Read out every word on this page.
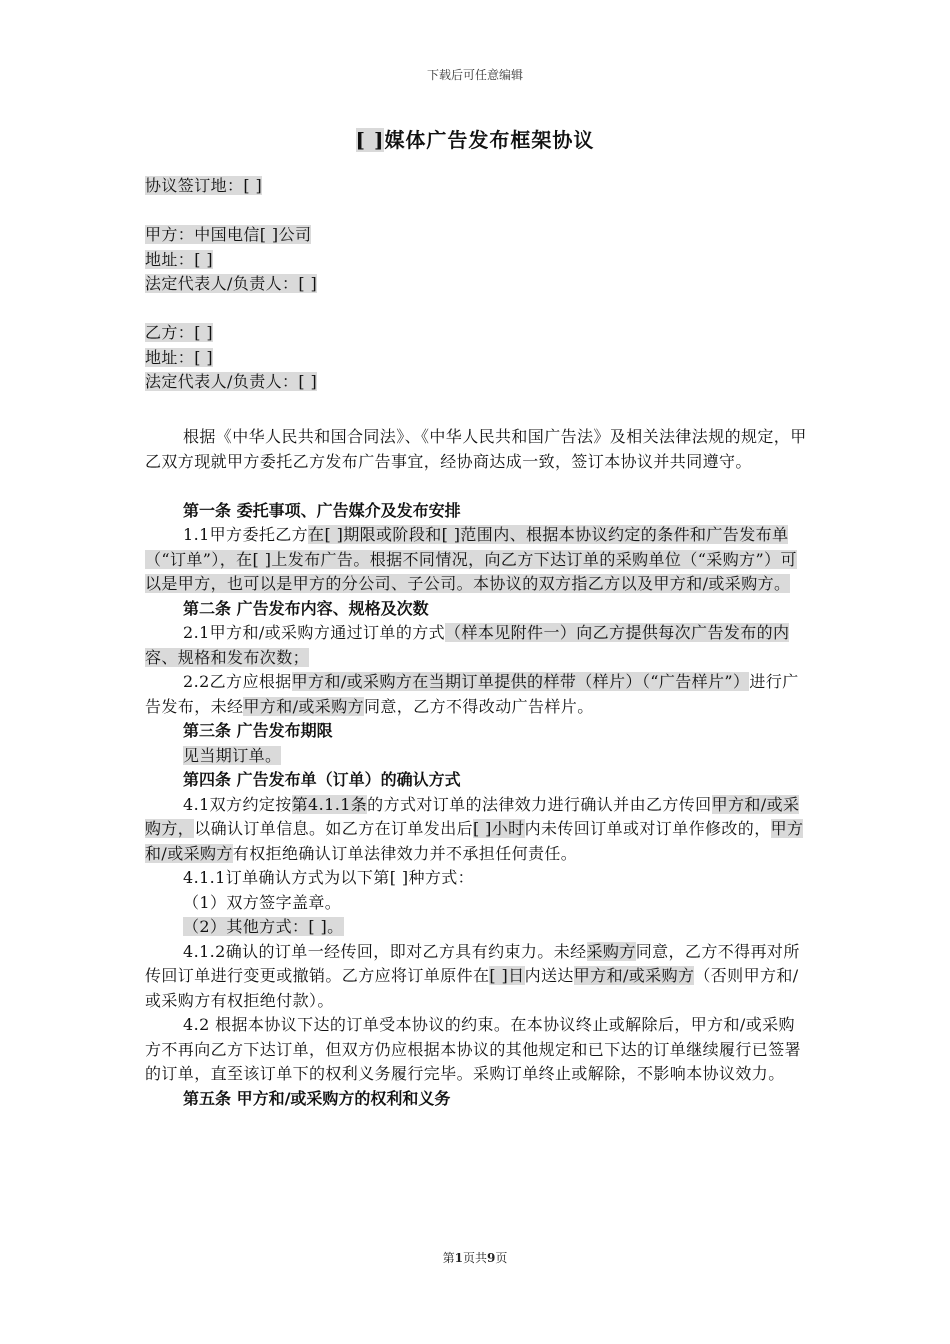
下载后可任意编辑
[ ]媒体广告发布框架协议

协议签订地：[ ]

甲方：中国电信[ ]公司

地址：[ ]

法定代表人/负责人：[ ]

乙方：[ ]

地址：[ ]

法定代表人/负责人：[ ]

根据《中华人民共和国合同法》、《中华人民共和国广告法》及相关法律法规的规定，甲乙双方现就甲方委托乙方发布广告事宜，经协商达成一致，签订本协议并共同遵守。

第一条 委托事项、广告媒介及发布安排

1.1甲方委托乙方在[ ]期限或阶段和[ ]范围内、根据本协议约定的条件和广告发布单（“订单”），在[ ]上发布广告。根据不同情况，向乙方下达订单的采购单位（“采购方”）可以是甲方，也可以是甲方的分公司、子公司。本协议的双方指乙方以及甲方和/或采购方。

第二条 广告发布内容、规格及次数

2.1甲方和/或采购方通过订单的方式（样本见附件一）向乙方提供每次广告发布的内容、规格和发布次数；

2.2乙方应根据甲方和/或采购方在当期订单提供的样带（样片）（“广告样片”）进行广告发布，未经甲方和/或采购方同意，乙方不得改动广告样片。

第三条 广告发布期限

见当期订单。

第四条 广告发布单（订单）的确认方式

4.1双方约定按第4.1.1条的方式对订单的法律效力进行确认并由乙方传回甲方和/或采购方，以确认订单信息。如乙方在订单发出后[ ]小时内未传回订单或对订单作修改的，甲方和/或采购方有权拒绝确认订单法律效力并不承担任何责任。

4.1.1订单确认方式为以下第[ ]种方式：

（1）双方签字盖章。

（2）其他方式：[ ]。

4.1.2确认的订单一经传回，即对乙方具有约束力。未经采购方同意，乙方不得再对所传回订单进行变更或撤销。乙方应将订单原件在[ ]日内送达甲方和/或采购方（否则甲方和/或采购方有权拒绝付款）。

4.2 根据本协议下达的订单受本协议的约束。在本协议终止或解除后，甲方和/或采购方不再向乙方下达订单，但双方仍应根据本协议的其他规定和已下达的订单继续履行已签署的订单，直至该订单下的权利义务履行完毕。采购订单终止或解除，不影响本协议效力。

第五条 甲方和/或采购方的权利和义务

第1页共9页
